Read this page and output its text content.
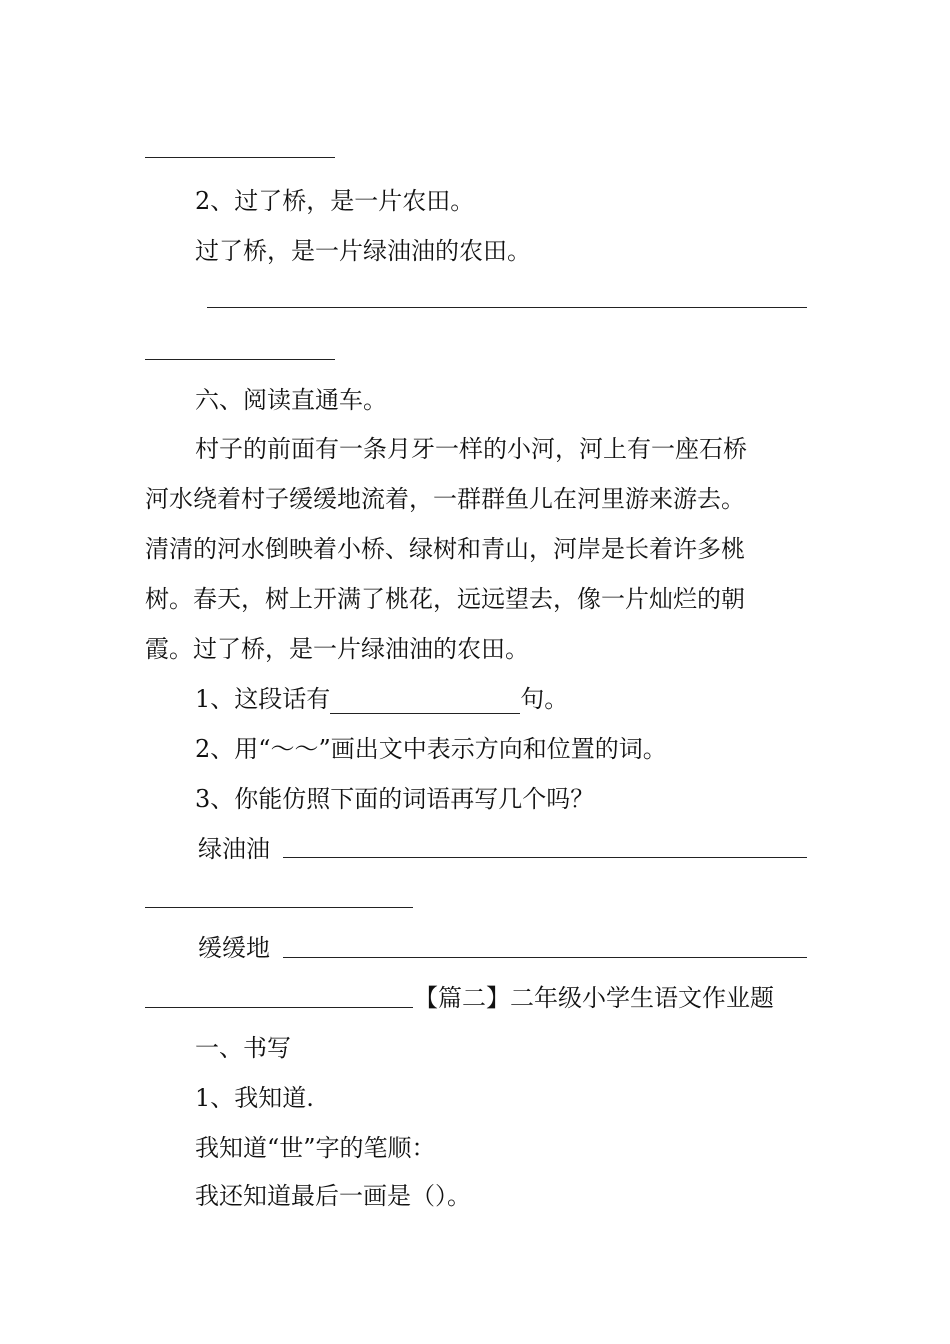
2、过了桥，是一片农田。
过了桥，是一片绿油油的农田。
六、阅读直通车。
村子的前面有一条月牙一样的小河，河上有一座石桥
河水绕着村子缓缓地流着，一群群鱼儿在河里游来游去。
清清的河水倒映着小桥、绿树和青山，河岸是长着许多桃
树。春天，树上开满了桃花，远远望去，像一片灿烂的朝
霞。过了桥，是一片绿油油的农田。
1、这段话有	句。
2、用“～～”画出文中表示方向和位置的词。
3、你能仿照下面的词语再写几个吗？
绿油油
缓缓地
【篇二】二年级小学生语文作业题
一、书写
1、我知道.
我知道“世”字的笔顺：
我还知道最后一画是（）。
